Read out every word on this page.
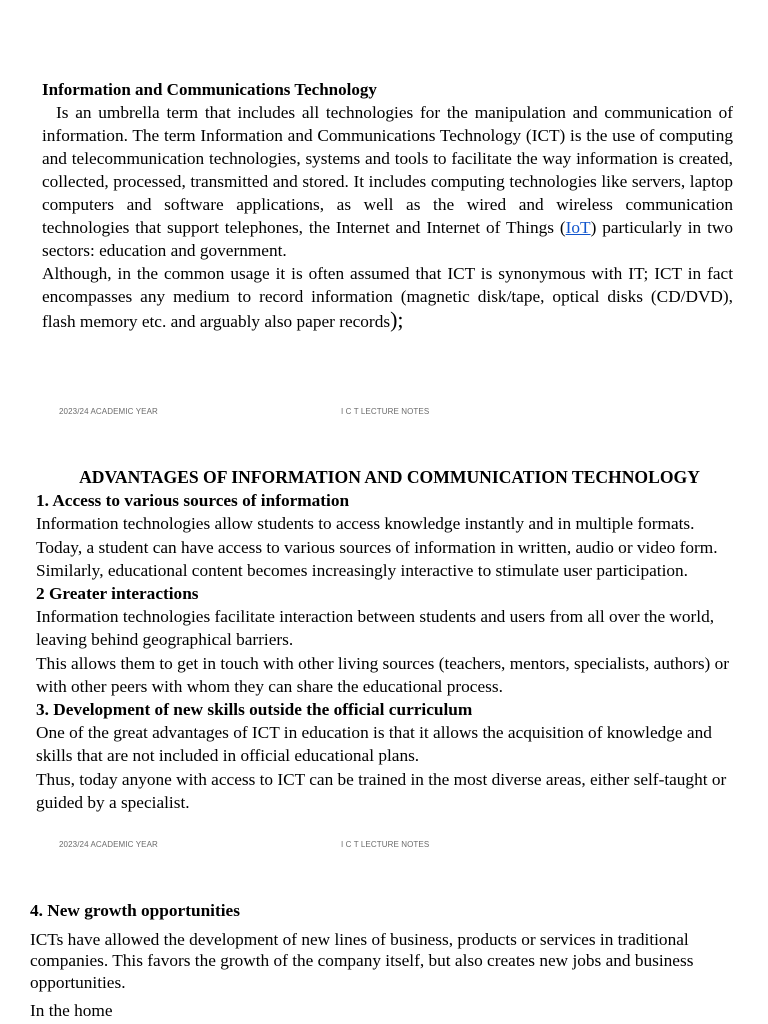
Information and Communications Technology

Is an umbrella term that includes all technologies for the manipulation and communication of information. The term Information and Communications Technology (ICT) is the use of computing and telecommunication technologies, systems and tools to facilitate the way information is created, collected, processed, transmitted and stored. It includes computing technologies like servers, laptop computers and software applications, as well as the wired and wireless communication technologies that support telephones, the Internet and Internet of Things (IoT) particularly in two sectors: education and government.

Although, in the common usage it is often assumed that ICT is synonymous with IT; ICT in fact encompasses any medium to record information (magnetic disk/tape, optical disks (CD/DVD), flash memory etc. and arguably also paper records);

2023/24 ACADEMIC YEAR	I C T LECTURE NOTES

ADVANTAGES OF INFORMATION AND COMMUNICATION TECHNOLOGY

1. Access to various sources of information

Information technologies allow students to access knowledge instantly and in multiple formats.

Today, a student can have access to various sources of information in written, audio or video form. Similarly, educational content becomes increasingly interactive to stimulate user participation.

2 Greater interactions

Information technologies facilitate interaction between students and users from all over the world, leaving behind geographical barriers.

This allows them to get in touch with other living sources (teachers, mentors, specialists, authors) or with other peers with whom they can share the educational process.

3. Development of new skills outside the official curriculum

One of the great advantages of ICT in education is that it allows the acquisition of knowledge and skills that are not included in official educational plans.

Thus, today anyone with access to ICT can be trained in the most diverse areas, either self-taught or guided by a specialist.

2023/24 ACADEMIC YEAR	I C T LECTURE NOTES

4. New growth opportunities

ICTs have allowed the development of new lines of business, products or services in traditional companies. This favors the growth of the company itself, but also creates new jobs and business opportunities.

In the home
